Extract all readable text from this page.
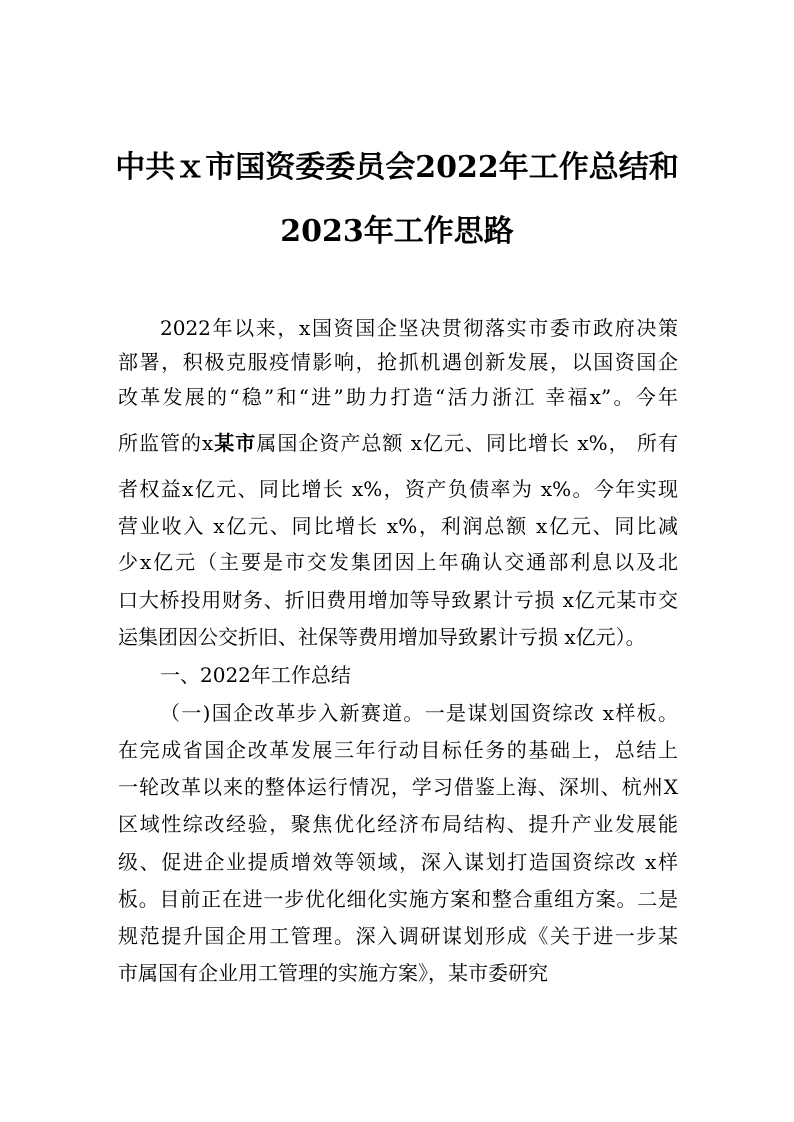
中共ｘ市国资委委员会2022年工作总结和
2023年工作思路
2022年以来，x国资国企坚决贯彻落实市委市政府决策
部署，积极克服疫情影响，抢抓机遇创新发展，以国资国企
改革发展的“稳”和“进”助力打造“活力浙江 幸福x”。今年
所监管的x某市属国企资产总额 x亿元、同比增长 x%， 所有
者权益x亿元、同比增长 x%，资产负债率为 x%。今年实现
营业收入 x亿元、同比增长 x%，利润总额 x亿元、同比减
少x亿元（主要是市交发集团因上年确认交通部利息以及北
口大桥投用财务、折旧费用增加等导致累计亏损 x亿元某市交
运集团因公交折旧、社保等费用增加导致累计亏损 x亿元）。
一、2022年工作总结
（一)国企改革步入新赛道。一是谋划国资综改 x样板。
在完成省国企改革发展三年行动目标任务的基础上，总结上
一轮改革以来的整体运行情况，学习借鉴上海、深圳、杭州X
区域性综改经验，聚焦优化经济布局结构、提升产业发展能
级、促进企业提质增效等领域，深入谋划打造国资综改 x样
板。目前正在进一步优化细化实施方案和整合重组方案。二是
规范提升国企用工管理。深入调研谋划形成《关于进一步某
市属国有企业用工管理的实施方案》，某市委研究
